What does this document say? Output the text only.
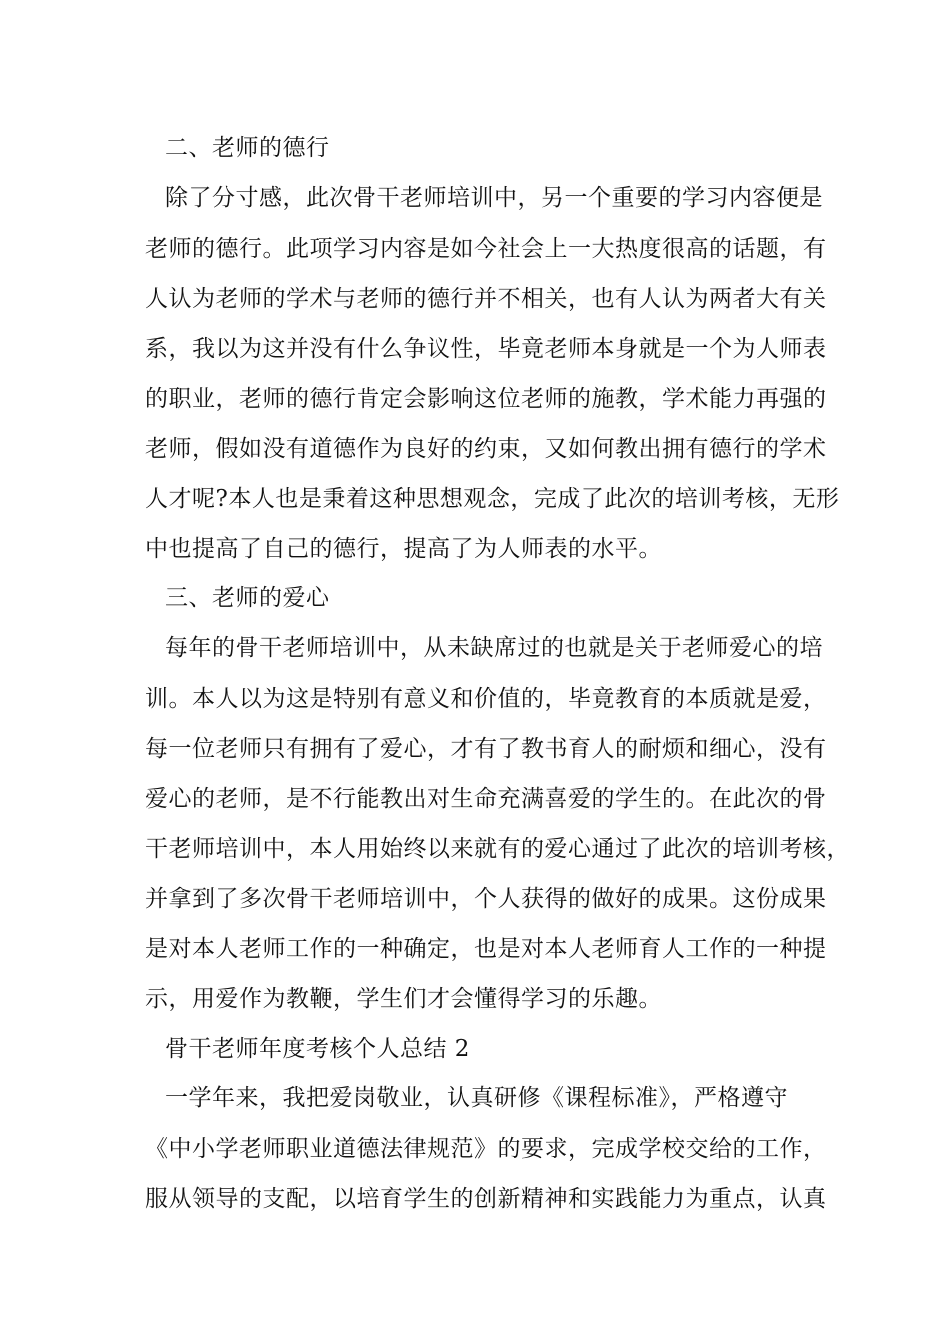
二、老师的德行
除了分寸感，此次骨干老师培训中，另一个重要的学习内容便是
老师的德行。此项学习内容是如今社会上一大热度很高的话题，有
人认为老师的学术与老师的德行并不相关，也有人认为两者大有关
系，我以为这并没有什么争议性，毕竟老师本身就是一个为人师表
的职业，老师的德行肯定会影响这位老师的施教，学术能力再强的
老师，假如没有道德作为良好的约束，又如何教出拥有德行的学术
人才呢?本人也是秉着这种思想观念，完成了此次的培训考核，无形
中也提高了自己的德行，提高了为人师表的水平。
三、老师的爱心
每年的骨干老师培训中，从未缺席过的也就是关于老师爱心的培
训。本人以为这是特别有意义和价值的，毕竟教育的本质就是爱，
每一位老师只有拥有了爱心，才有了教书育人的耐烦和细心，没有
爱心的老师，是不行能教出对生命充满喜爱的学生的。在此次的骨
干老师培训中，本人用始终以来就有的爱心通过了此次的培训考核，
并拿到了多次骨干老师培训中，个人获得的做好的成果。这份成果
是对本人老师工作的一种确定，也是对本人老师育人工作的一种提
示，用爱作为教鞭，学生们才会懂得学习的乐趣。
骨干老师年度考核个人总结 2
一学年来，我把爱岗敬业，认真研修《课程标准》，严格遵守
《中小学老师职业道德法律规范》的要求，完成学校交给的工作，
服从领导的支配，以培育学生的创新精神和实践能力为重点，认真
